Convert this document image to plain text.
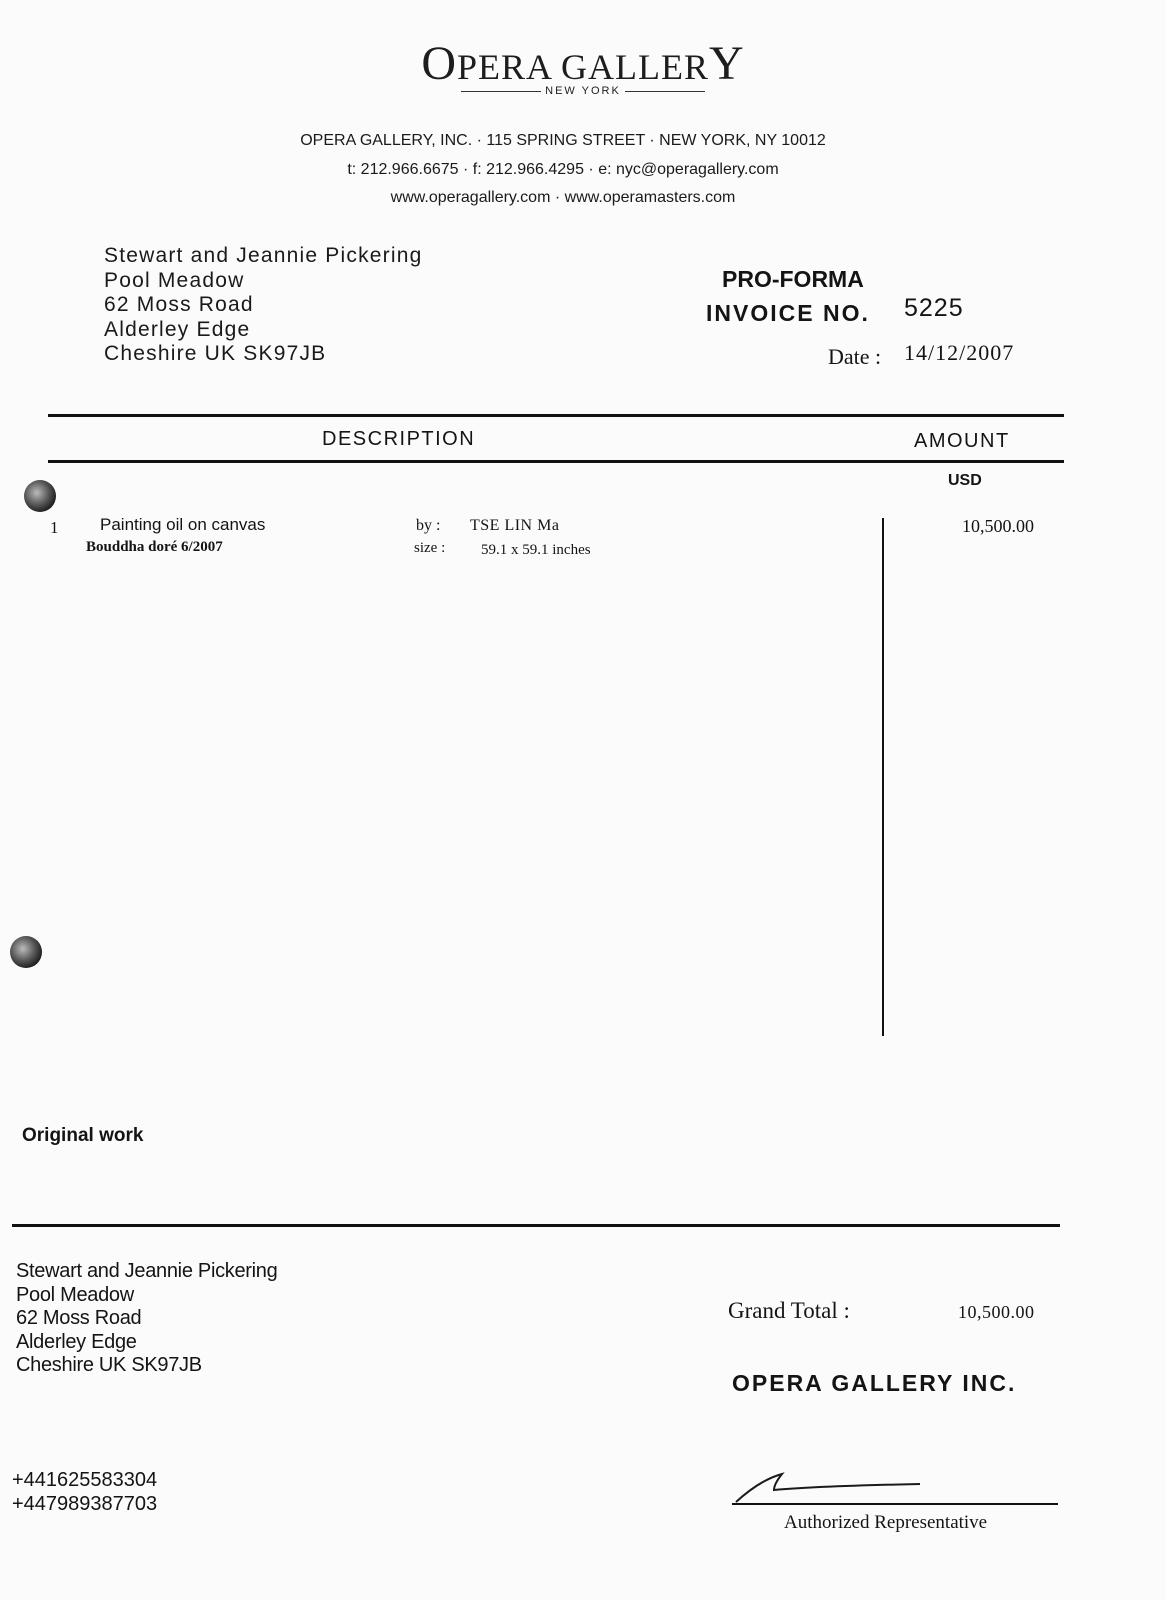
OPERA GALLERY
NEW YORK
OPERA GALLERY, INC. · 115 SPRING STREET · NEW YORK, NY 10012
t: 212.966.6675 · f: 212.966.4295 · e: nyc@operagallery.com
www.operagallery.com · www.operamasters.com
Stewart and Jeannie Pickering
Pool Meadow
62 Moss Road
Alderley Edge
Cheshire UK SK97JB
PRO-FORMA
INVOICE NO. 5225
Date : 14/12/2007
DESCRIPTION	AMOUNT
USD
1 Painting oil on canvas
Bouddha doré 6/2007
by : TSE LIN Ma
size : 59.1 x 59.1 inches
10,500.00
Original work
Stewart and Jeannie Pickering
Pool Meadow
62 Moss Road
Alderley Edge
Cheshire UK SK97JB
+441625583304
+447989387703
Grand Total :	10,500.00
OPERA GALLERY INC.
Authorized Representative
